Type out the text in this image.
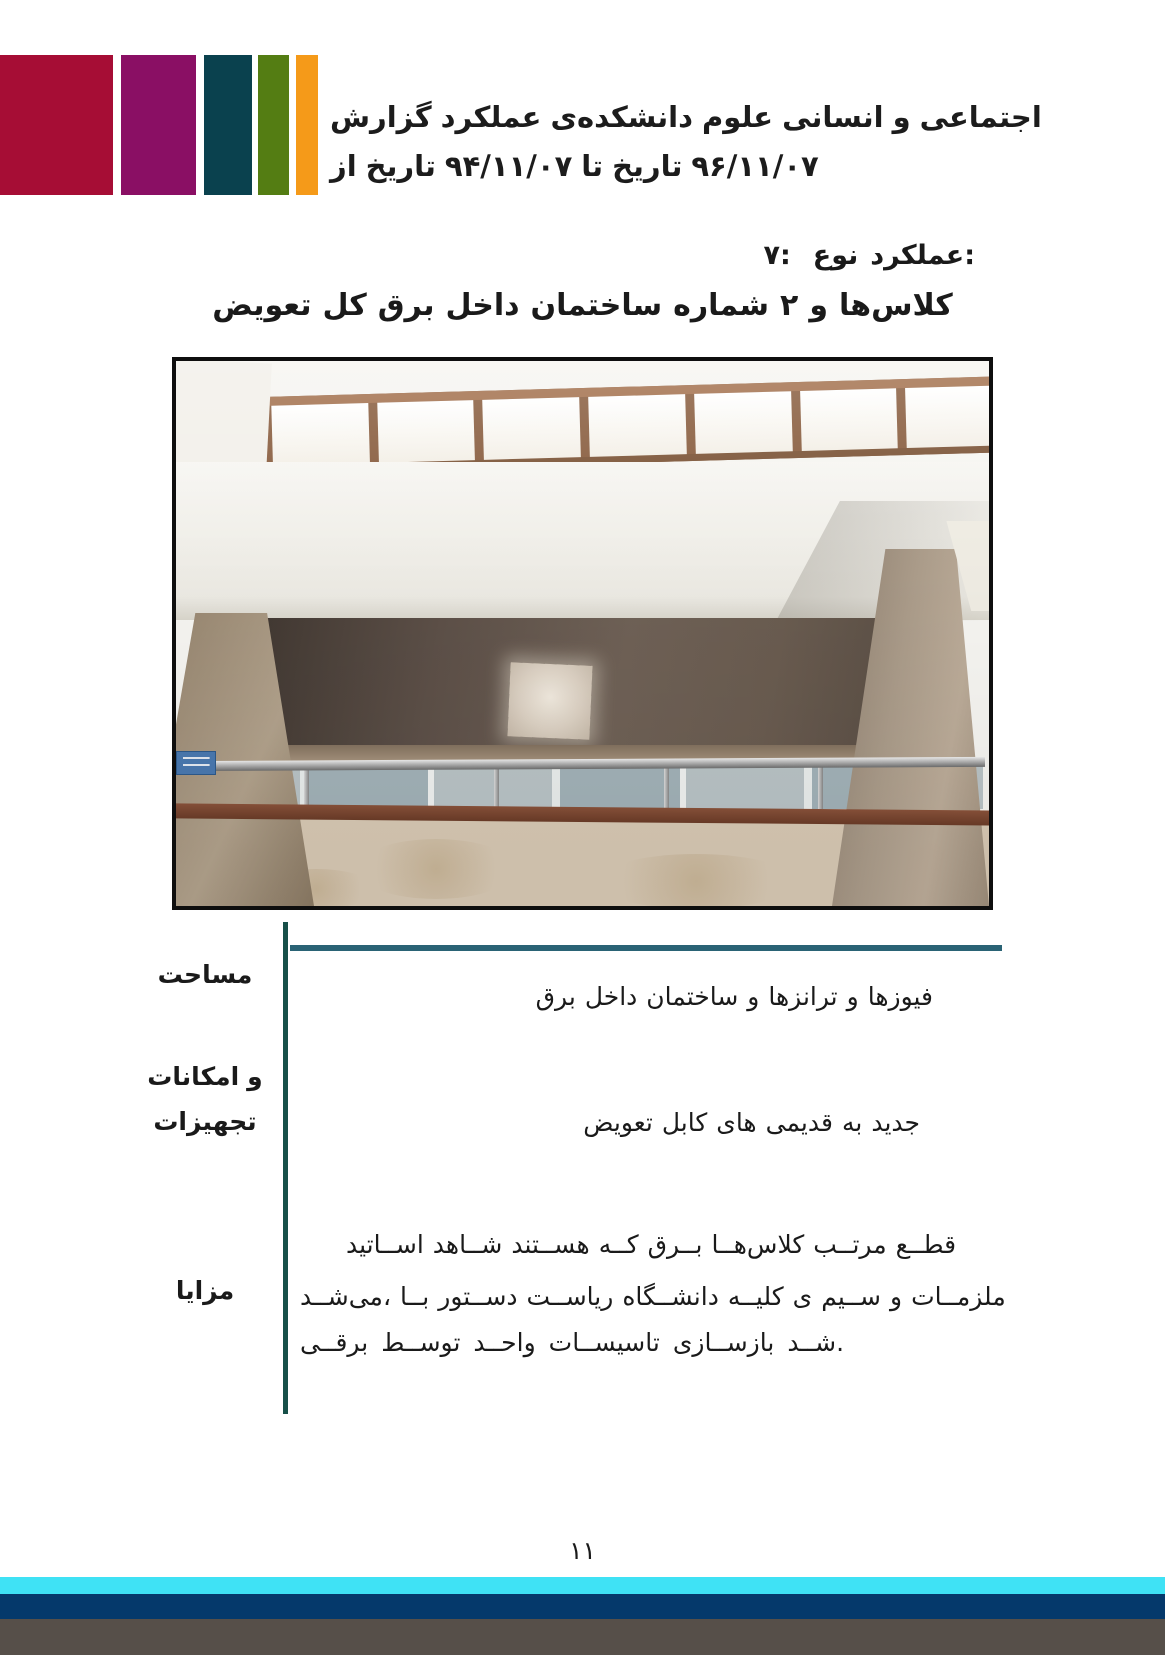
گزارش عملکرد دانشکده‌ی علوم انسانی و اجتماعی
از تاریخ ۹۴/۱۱/۰۷ تا تاریخ ۹۶/۱۱/۰۷
۷: نوع عملکرد:
تعویض کل برق داخل ساختمان شماره ۲ و کلاس‌ها
مساحت
برق داخل ساختمان و ترانزها و فیوزها
امکانات و
تجهیزات	تعویض کابل های قدیمی به جدید
مزایا
اســاتید شــاهد هســتند کــه بــرق کلاس‌هــا مرتــب قطــع
می‌شــد، بــا دســتور ریاســت دانشــگاه کلیــه ی ســیم و ملزمــات
برقــی توســط واحــد تاسیســات بازســازی شــد.
۱۱
